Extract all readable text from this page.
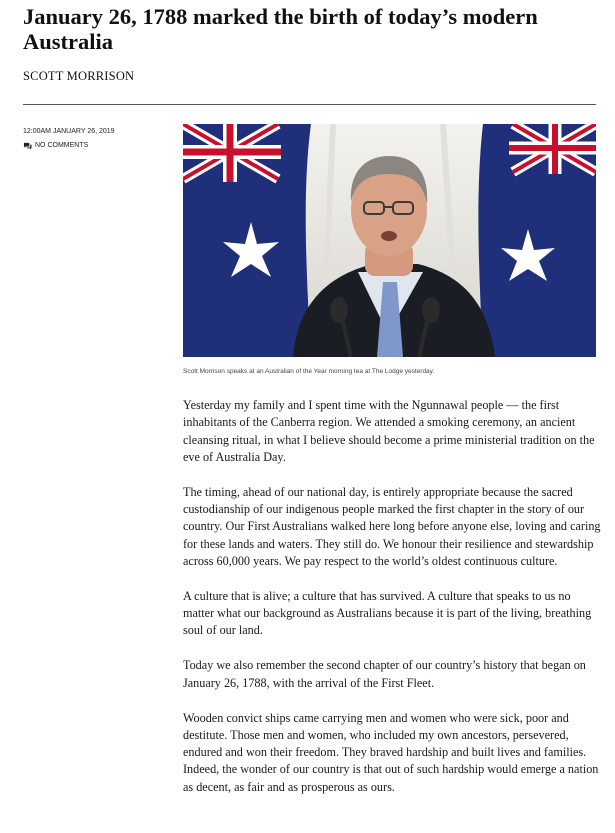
January 26, 1788 marked the birth of today’s modern Australia
SCOTT MORRISON
12:00AM JANUARY 26, 2019
NO COMMENTS
Scott Morrison speaks at an Australian of the Year morning tea at The Lodge yesterday.

Yesterday my family and I spent time with the Ngunnawal people — the first inhabitants of the Canberra region. We attended a smoking ceremony, an ancient cleansing ritual, in what I believe should become a prime ministerial tradition on the eve of Australia Day.

The timing, ahead of our national day, is entirely appropriate because the sacred custodianship of our indigenous people marked the first chapter in the story of our country. Our First Australians walked here long before anyone else, loving and caring for these lands and waters. They still do. We honour their resilience and stewardship across 60,000 years. We pay respect to the world’s oldest continuous culture.

A culture that is alive; a culture that has survived. A culture that speaks to us no matter what our background as Australians because it is part of the living, breathing soul of our land.

Today we also remember the second chapter of our country’s history that began on January 26, 1788, with the arrival of the First Fleet.

Wooden convict ships came carrying men and women who were sick, poor and destitute. Those men and women, who included my own ancestors, persevered, endured and won their freedom. They braved hardship and built lives and families. Indeed, the wonder of our country is that out of such hardship would emerge a nation as decent, as fair and as prosperous as ours.
